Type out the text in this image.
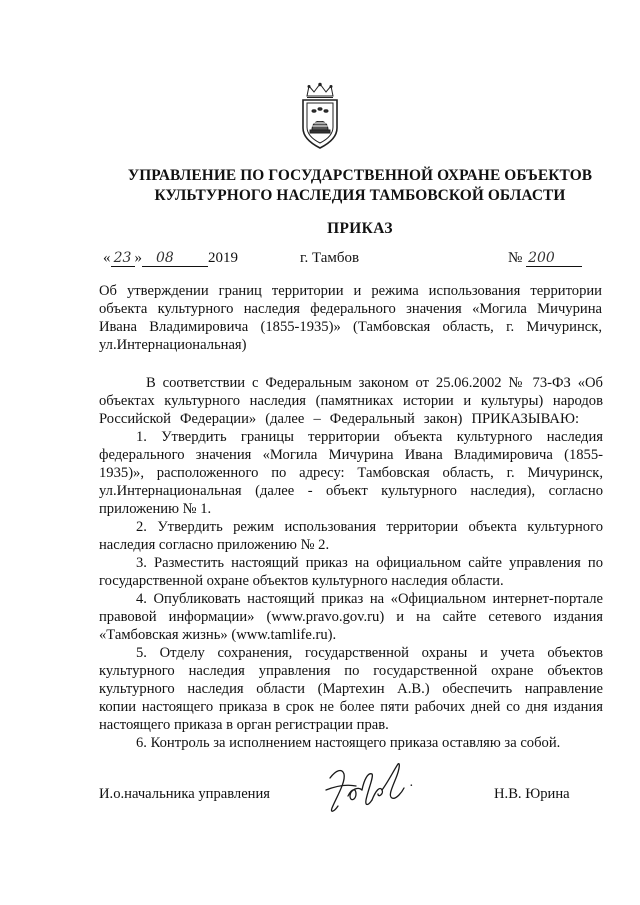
УПРАВЛЕНИЕ ПО ГОСУДАРСТВЕННОЙ ОХРАНЕ ОБЪЕКТОВ
КУЛЬТУРНОГО НАСЛЕДИЯ ТАМБОВСКОЙ ОБЛАСТИ
ПРИКАЗ
« 23 » 08 2019	г. Тамбов	№ 200
Об утверждении границ территории и режима использования территории
объекта культурного наследия федерального значения «Могила Мичурина
Ивана Владимировича (1855-1935)» (Тамбовская область, г. Мичуринск,
ул.Интернациональная)
В соответствии с Федеральным законом от 25.06.2002 № 73-ФЗ «Об
объектах культурного наследия (памятниках истории и культуры) народов
Российской Федерации» (далее – Федеральный закон) ПРИКАЗЫВАЮ:
1. Утвердить границы территории объекта культурного наследия
федерального значения «Могила Мичурина Ивана Владимировича (1855-
1935)», расположенного по адресу: Тамбовская область, г. Мичуринск,
ул.Интернациональная (далее - объект культурного наследия), согласно
приложению № 1.
2. Утвердить режим использования территории объекта культурного
наследия согласно приложению № 2.
3. Разместить настоящий приказ на официальном сайте управления по
государственной охране объектов культурного наследия области.
4. Опубликовать настоящий приказ на «Официальном интернет-портале
правовой информации» (www.pravo.gov.ru) и на сайте сетевого издания
«Тамбовская жизнь» (www.tamlife.ru).
5. Отделу сохранения, государственной охраны и учета объектов
культурного наследия управления по государственной охране объектов
культурного наследия области (Мартехин А.В.) обеспечить направление
копии настоящего приказа в срок не более пяти рабочих дней со дня издания
настоящего приказа в орган регистрации прав.
6. Контроль за исполнением настоящего приказа оставляю за собой.
И.о.начальника управления	·	Н.В. Юрина
